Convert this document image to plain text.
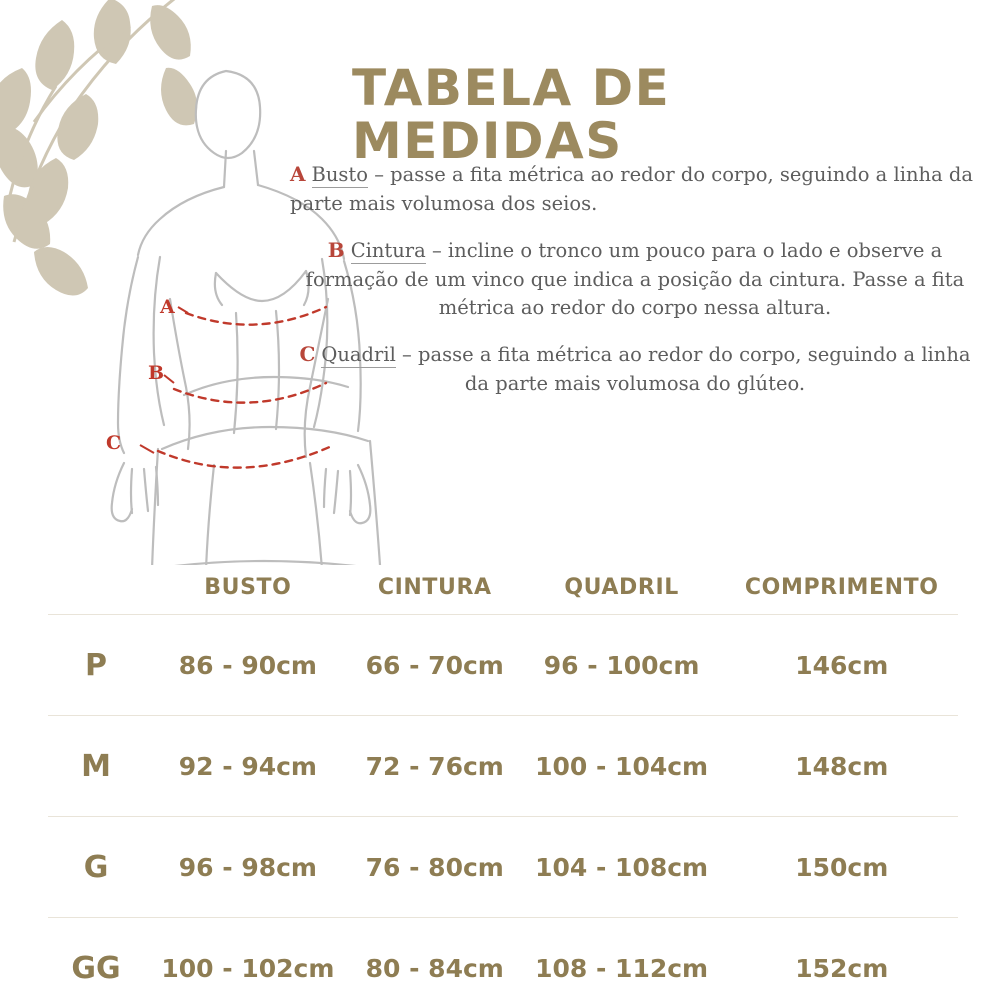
A
B
C
TABELA DE MEDIDAS
A Busto – passe a fita métrica ao redor do corpo, seguindo a linha da parte mais volumosa dos seios.
B Cintura – incline o tronco um pouco para o lado e observe a formação de um vinco que indica a posição da cintura. Passe a fita métrica ao redor do corpo nessa altura.
C Quadril – passe a fita métrica ao redor do corpo, seguindo a linha da parte mais volumosa do glúteo.
	BUSTO	CINTURA	QUADRIL	COMPRIMENTO
P	86 - 90cm	66 - 70cm	96 - 100cm	146cm
M	92 - 94cm	72 - 76cm	100 - 104cm	148cm
G	96 - 98cm	76 - 80cm	104 - 108cm	150cm
GG	100 - 102cm	80 - 84cm	108 - 112cm	152cm
